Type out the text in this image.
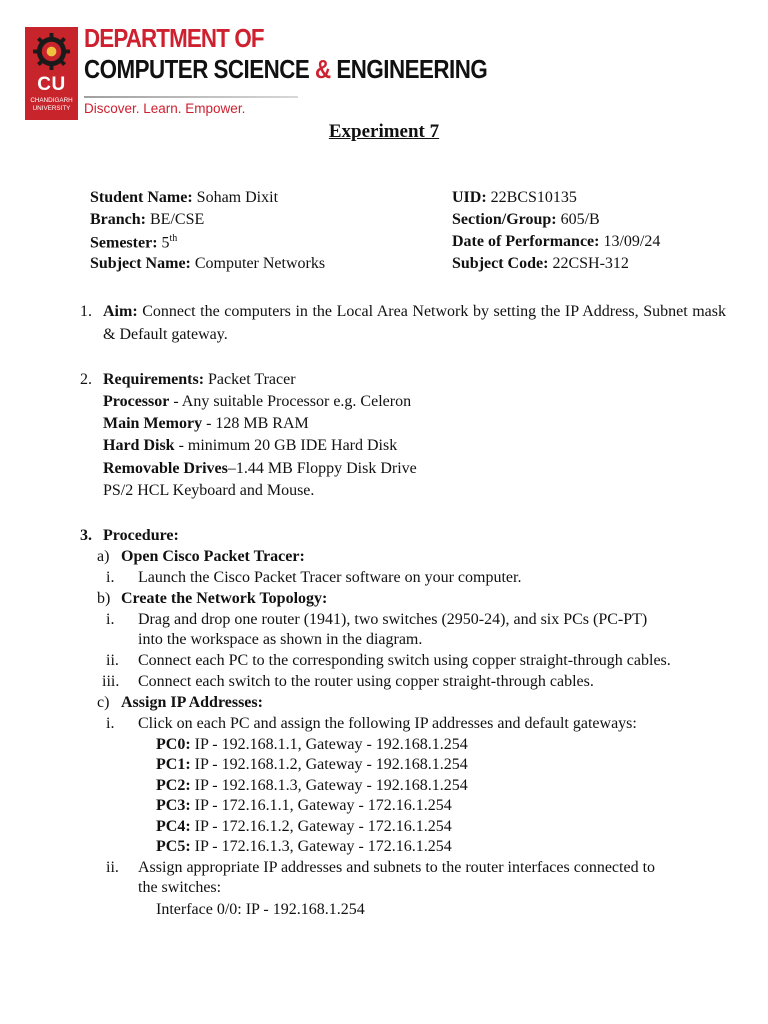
CU
CHANDIGARH UNIVERSITY
DEPARTMENT OF
COMPUTER SCIENCE & ENGINEERING
Discover. Learn. Empower.
Experiment 7
Student Name: Soham Dixit	UID: 22BCS10135
Branch: BE/CSE	Section/Group: 605/B
Semester: 5th	Date of Performance: 13/09/24
Subject Name: Computer Networks	Subject Code: 22CSH-312
1. Aim: Connect the computers in the Local Area Network by setting the IP Address, Subnet mask & Default gateway.
2. Requirements: Packet Tracer
Processor - Any suitable Processor e.g. Celeron
Main Memory - 128 MB RAM
Hard Disk - minimum 20 GB IDE Hard Disk
Removable Drives–1.44 MB Floppy Disk Drive
PS/2 HCL Keyboard and Mouse.
3. Procedure:
a) Open Cisco Packet Tracer:
i. Launch the Cisco Packet Tracer software on your computer.
b) Create the Network Topology:
i. Drag and drop one router (1941), two switches (2950-24), and six PCs (PC-PT)
into the workspace as shown in the diagram.
ii. Connect each PC to the corresponding switch using copper straight-through cables.
iii. Connect each switch to the router using copper straight-through cables.
c) Assign IP Addresses:
i. Click on each PC and assign the following IP addresses and default gateways:
PC0: IP - 192.168.1.1, Gateway - 192.168.1.254
PC1: IP - 192.168.1.2, Gateway - 192.168.1.254
PC2: IP - 192.168.1.3, Gateway - 192.168.1.254
PC3: IP - 172.16.1.1, Gateway - 172.16.1.254
PC4: IP - 172.16.1.2, Gateway - 172.16.1.254
PC5: IP - 172.16.1.3, Gateway - 172.16.1.254
ii. Assign appropriate IP addresses and subnets to the router interfaces connected to
the switches:
Interface 0/0: IP - 192.168.1.254
